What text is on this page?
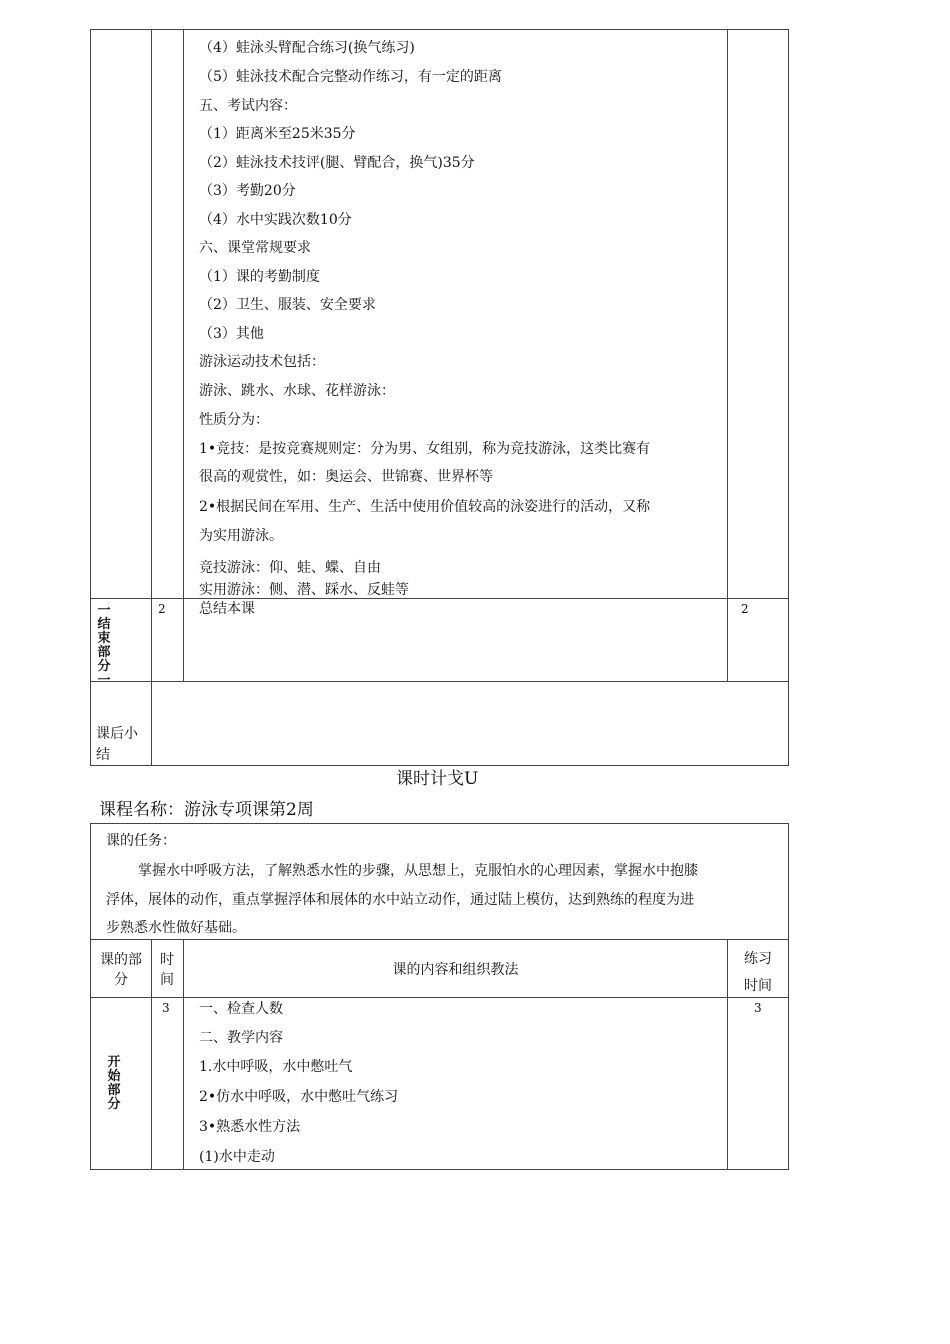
（4）蛙泳头臂配合练习(换气练习)
（5）蛙泳技术配合完整动作练习，有一定的距离
五、考试内容：
（1）距离米至25米35分
（2）蛙泳技术技评(腿、臂配合，换气)35分
（3）考勤20分
（4）水中实践次数10分
六、课堂常规要求
（1）课的考勤制度
（2）卫生、服装、安全要求
（3）其他
游泳运动技术包括：
游泳、跳水、水球、花样游泳：
性质分为：
1•竞技：是按竞赛规则定：分为男、女组别，称为竞技游泳，这类比赛有
很高的观赏性，如：奥运会、世锦赛、世界杯等
2•根据民间在军用、生产、生活中使用价值较高的泳姿进行的活动，又称
为实用游泳。
竞技游泳：仰、蛙、蝶、自由
实用游泳：侧、潜、踩水、反蛙等
一
结
束
部
分
一
2 总结本课	2
课后小结
课时计戈U
课程名称：游泳专项课第2周
课的任务：
掌握水中呼吸方法，了解熟悉水性的步骤，从思想上，克服怕水的心理因素，掌握水中抱膝
浮体，展体的动作，重点掌握浮体和展体的水中站立动作，通过陆上模仿，达到熟练的程度为进
步熟悉水性做好基础。
课的部分
时间
课的内容和组织教法
练习时间
开
始
部
分
3	3
一、检查人数
二、教学内容
1.水中呼吸，水中憋吐气
2•仿水中呼吸，水中憋吐气练习
3•熟悉水性方法
(1)水中走动
